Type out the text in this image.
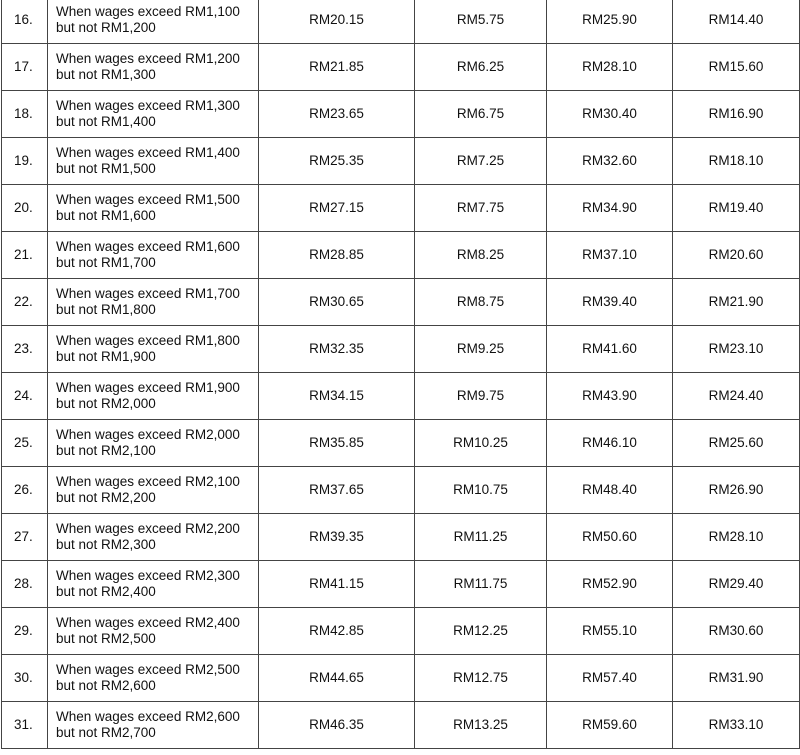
16.	When wages exceed RM1,100
but not RM1,200	RM20.15	RM5.75	RM25.90	RM14.40
17.	When wages exceed RM1,200
but not RM1,300	RM21.85	RM6.25	RM28.10	RM15.60
18.	When wages exceed RM1,300
but not RM1,400	RM23.65	RM6.75	RM30.40	RM16.90
19.	When wages exceed RM1,400
but not RM1,500	RM25.35	RM7.25	RM32.60	RM18.10
20.	When wages exceed RM1,500
but not RM1,600	RM27.15	RM7.75	RM34.90	RM19.40
21.	When wages exceed RM1,600
but not RM1,700	RM28.85	RM8.25	RM37.10	RM20.60
22.	When wages exceed RM1,700
but not RM1,800	RM30.65	RM8.75	RM39.40	RM21.90
23.	When wages exceed RM1,800
but not RM1,900	RM32.35	RM9.25	RM41.60	RM23.10
24.	When wages exceed RM1,900
but not RM2,000	RM34.15	RM9.75	RM43.90	RM24.40
25.	When wages exceed RM2,000
but not RM2,100	RM35.85	RM10.25	RM46.10	RM25.60
26.	When wages exceed RM2,100
but not RM2,200	RM37.65	RM10.75	RM48.40	RM26.90
27.	When wages exceed RM2,200
but not RM2,300	RM39.35	RM11.25	RM50.60	RM28.10
28.	When wages exceed RM2,300
but not RM2,400	RM41.15	RM11.75	RM52.90	RM29.40
29.	When wages exceed RM2,400
but not RM2,500	RM42.85	RM12.25	RM55.10	RM30.60
30.	When wages exceed RM2,500
but not RM2,600	RM44.65	RM12.75	RM57.40	RM31.90
31.	When wages exceed RM2,600
but not RM2,700	RM46.35	RM13.25	RM59.60	RM33.10
